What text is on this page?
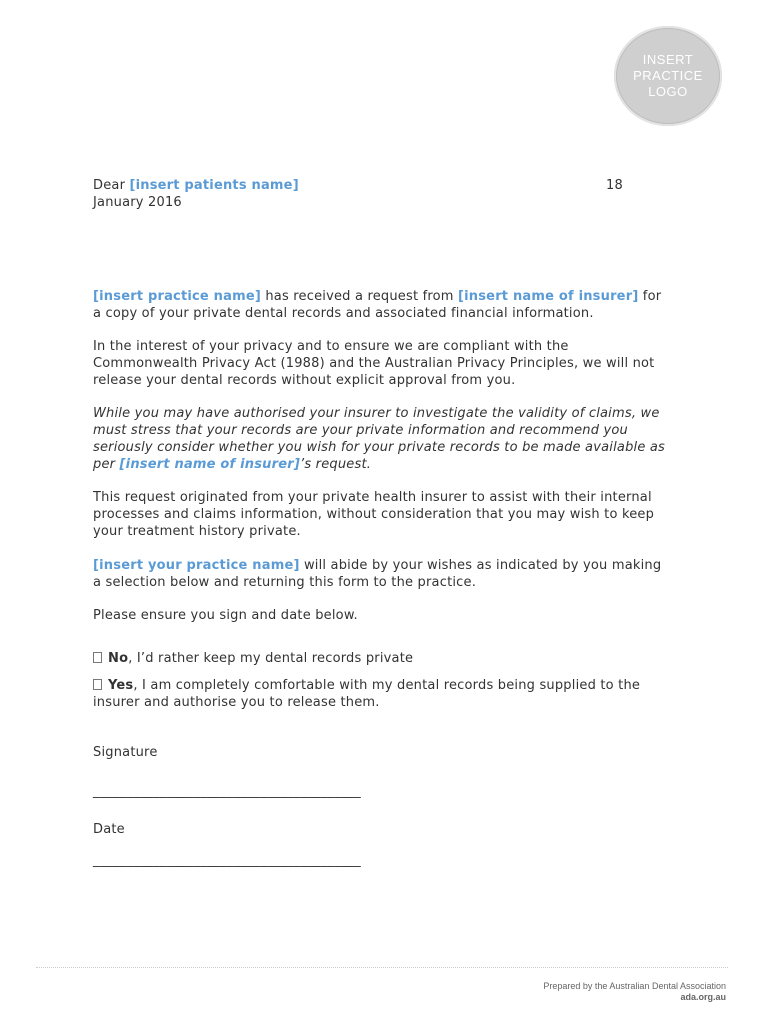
INSERT PRACTICE LOGO
Dear [insert patients name]	18
January 2016

[insert practice name] has received a request from [insert name of insurer] for a copy of your private dental records and associated financial information.

In the interest of your privacy and to ensure we are compliant with the Commonwealth Privacy Act (1988) and the Australian Privacy Principles, we will not release your dental records without explicit approval from you.

While you may have authorised your insurer to investigate the validity of claims, we must stress that your records are your private information and recommend you seriously consider whether you wish for your private records to be made available as per [insert name of insurer]’s request.

This request originated from your private health insurer to assist with their internal processes and claims information, without consideration that you may wish to keep your treatment history private.

[insert your practice name] will abide by your wishes as indicated by you making a selection below and returning this form to the practice.

Please ensure you sign and date below.

No, I’d rather keep my dental records private
Yes, I am completely comfortable with my dental records being supplied to the insurer and authorise you to release them.
Signature
________________________________________
Date
________________________________________
Prepared by the Australian Dental Association
ada.org.au
